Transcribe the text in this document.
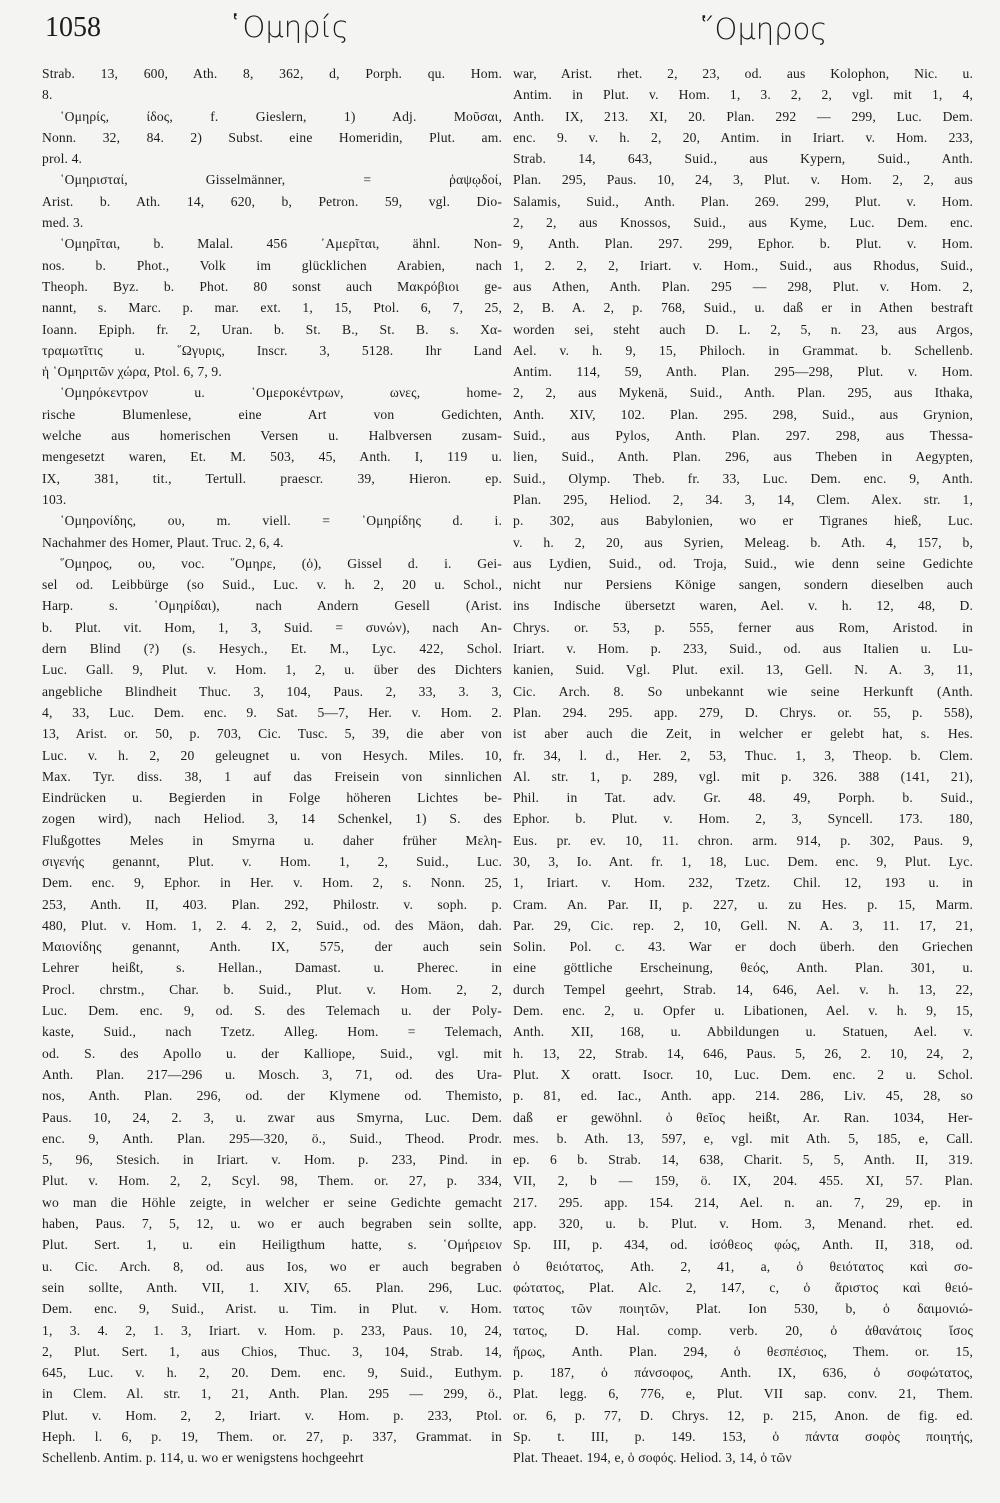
1058	῾Ομηρίς	῞Ομηρος
Strab. 13, 600, Ath. 8, 362, d, Porph. qu. Hom.
8.
῾Ομηρίς, ίδος, f. Gieslern, 1) Adj. Μοῦσαι,
Nonn. 32, 84. 2) Subst. eine Homeridin, Plut. am.
prol. 4.
῾Ομηρισταί, Gisselmänner, = ῥαψῳδοί,
Arist. b. Ath. 14, 620, b, Petron. 59, vgl. Dio-
med. 3.
῾Ομηρῖται, b. Malal. 456 ᾿Αμερῖται, ähnl. Non-
nos. b. Phot., Volk im glücklichen Arabien, nach
Theoph. Byz. b. Phot. 80 sonst auch Μακρόβιοι ge-
nannt, s. Marc. p. mar. ext. 1, 15, Ptol. 6, 7, 25,
Ioann. Epiph. fr. 2, Uran. b. St. B., St. B. s. Χα-
τραμωτῖτις u. ῞Ωγυρις, Inscr. 3, 5128. Ihr Land
ἡ ῾Ομηριτῶν χώρα, Ptol. 6, 7, 9.
῾Ομηρόκεντρον u. ῾Ομεροκέντρων, ωνες, home-
rische Blumenlese, eine Art von Gedichten,
welche aus homerischen Versen u. Halbversen zusam-
mengesetzt waren, Et. M. 503, 45, Anth. I, 119 u.
IX, 381, tit., Tertull. praescr. 39, Hieron. ep.
103.
῾Ομηρονίδης, ου, m. viell. = ῾Ομηρίδης d. i.
Nachahmer des Homer, Plaut. Truc. 2, 6, 4.
῞Ομηρος, ου, voc. ῞Ομηρε, (ὁ), Gissel d. i. Gei-
sel od. Leibbürge (so Suid., Luc. v. h. 2, 20 u. Schol.,
Harp. s. ῾Ομηρίδαι), nach Andern Gesell (Arist.
b. Plut. vit. Hom, 1, 3, Suid. = συνών), nach An-
dern Blind (?) (s. Hesych., Et. M., Lyc. 422, Schol.
Luc. Gall. 9, Plut. v. Hom. 1, 2, u. über des Dichters
angebliche Blindheit Thuc. 3, 104, Paus. 2, 33, 3. 3,
4, 33, Luc. Dem. enc. 9. Sat. 5—7, Her. v. Hom. 2.
13, Arist. or. 50, p. 703, Cic. Tusc. 5, 39, die aber von
Luc. v. h. 2, 20 geleugnet u. von Hesych. Miles. 10,
Max. Tyr. diss. 38, 1 auf das Freisein von sinnlichen
Eindrücken u. Begierden in Folge höheren Lichtes be-
zogen wird), nach Heliod. 3, 14 Schenkel, 1) S. des
Flußgottes Meles in Smyrna u. daher früher Μελη-
σιγενής genannt, Plut. v. Hom. 1, 2, Suid., Luc.
Dem. enc. 9, Ephor. in Her. v. Hom. 2, s. Nonn. 25,
253, Anth. II, 403. Plan. 292, Philostr. v. soph. p.
480, Plut. v. Hom. 1, 2. 4. 2, 2, Suid., od. des Mäon, dah.
Μαιονίδης genannt, Anth. IX, 575, der auch sein
Lehrer heißt, s. Hellan., Damast. u. Pherec. in
Procl. chrstm., Char. b. Suid., Plut. v. Hom. 2, 2,
Luc. Dem. enc. 9, od. S. des Telemach u. der Poly-
kaste, Suid., nach Tzetz. Alleg. Hom. = Telemach,
od. S. des Apollo u. der Kalliope, Suid., vgl. mit
Anth. Plan. 217—296 u. Mosch. 3, 71, od. des Ura-
nos, Anth. Plan. 296, od. der Klymene od. Themisto,
Paus. 10, 24, 2. 3, u. zwar aus Smyrna, Luc. Dem.
enc. 9, Anth. Plan. 295—320, ö., Suid., Theod. Prodr.
5, 96, Stesich. in Iriart. v. Hom. p. 233, Pind. in
Plut. v. Hom. 2, 2, Scyl. 98, Them. or. 27, p. 334,
wo man die Höhle zeigte, in welcher er seine Gedichte gemacht
haben, Paus. 7, 5, 12, u. wo er auch begraben sein sollte,
Plut. Sert. 1, u. ein Heiligthum hatte, s. ῾Ομήρειον
u. Cic. Arch. 8, od. aus Ios, wo er auch begraben
sein sollte, Anth. VII, 1. XIV, 65. Plan. 296, Luc.
Dem. enc. 9, Suid., Arist. u. Tim. in Plut. v. Hom.
1, 3. 4. 2, 1. 3, Iriart. v. Hom. p. 233, Paus. 10, 24,
2, Plut. Sert. 1, aus Chios, Thuc. 3, 104, Strab. 14,
645, Luc. v. h. 2, 20. Dem. enc. 9, Suid., Euthym.
in Clem. Al. str. 1, 21, Anth. Plan. 295 — 299, ö.,
Plut. v. Hom. 2, 2, Iriart. v. Hom. p. 233, Ptol.
Heph. l. 6, p. 19, Them. or. 27, p. 337, Grammat. in
Schellenb. Antim. p. 114, u. wo er wenigstens hochgeehrt
war, Arist. rhet. 2, 23, od. aus Kolophon, Nic. u.
Antim. in Plut. v. Hom. 1, 3. 2, 2, vgl. mit 1, 4,
Anth. IX, 213. XI, 20. Plan. 292 — 299, Luc. Dem.
enc. 9. v. h. 2, 20, Antim. in Iriart. v. Hom. 233,
Strab. 14, 643, Suid., aus Kypern, Suid., Anth.
Plan. 295, Paus. 10, 24, 3, Plut. v. Hom. 2, 2, aus
Salamis, Suid., Anth. Plan. 269. 299, Plut. v. Hom.
2, 2, aus Knossos, Suid., aus Kyme, Luc. Dem. enc.
9, Anth. Plan. 297. 299, Ephor. b. Plut. v. Hom.
1, 2. 2, 2, Iriart. v. Hom., Suid., aus Rhodus, Suid.,
aus Athen, Anth. Plan. 295 — 298, Plut. v. Hom. 2,
2, B. A. 2, p. 768, Suid., u. daß er in Athen bestraft
worden sei, steht auch D. L. 2, 5, n. 23, aus Argos,
Ael. v. h. 9, 15, Philoch. in Grammat. b. Schellenb.
Antim. 114, 59, Anth. Plan. 295—298, Plut. v. Hom.
2, 2, aus Mykenä, Suid., Anth. Plan. 295, aus Ithaka,
Anth. XIV, 102. Plan. 295. 298, Suid., aus Grynion,
Suid., aus Pylos, Anth. Plan. 297. 298, aus Thessa-
lien, Suid., Anth. Plan. 296, aus Theben in Aegypten,
Suid., Olymp. Theb. fr. 33, Luc. Dem. enc. 9, Anth.
Plan. 295, Heliod. 2, 34. 3, 14, Clem. Alex. str. 1,
p. 302, aus Babylonien, wo er Tigranes hieß, Luc.
v. h. 2, 20, aus Syrien, Meleag. b. Ath. 4, 157, b,
aus Lydien, Suid., od. Troja, Suid., wie denn seine Gedichte
nicht nur Persiens Könige sangen, sondern dieselben auch
ins Indische übersetzt waren, Ael. v. h. 12, 48, D.
Chrys. or. 53, p. 555, ferner aus Rom, Aristod. in
Iriart. v. Hom. p. 233, Suid., od. aus Italien u. Lu-
kanien, Suid. Vgl. Plut. exil. 13, Gell. N. A. 3, 11,
Cic. Arch. 8. So unbekannt wie seine Herkunft (Anth.
Plan. 294. 295. app. 279, D. Chrys. or. 55, p. 558),
ist aber auch die Zeit, in welcher er gelebt hat, s. Hes.
fr. 34, l. d., Her. 2, 53, Thuc. 1, 3, Theop. b. Clem.
Al. str. 1, p. 289, vgl. mit p. 326. 388 (141, 21),
Phil. in Tat. adv. Gr. 48. 49, Porph. b. Suid.,
Ephor. b. Plut. v. Hom. 2, 3, Syncell. 173. 180,
Eus. pr. ev. 10, 11. chron. arm. 914, p. 302, Paus. 9,
30, 3, Io. Ant. fr. 1, 18, Luc. Dem. enc. 9, Plut. Lyc.
1, Iriart. v. Hom. 232, Tzetz. Chil. 12, 193 u. in
Cram. An. Par. II, p. 227, u. zu Hes. p. 15, Marm.
Par. 29, Cic. rep. 2, 10, Gell. N. A. 3, 11. 17, 21,
Solin. Pol. c. 43. War er doch überh. den Griechen
eine göttliche Erscheinung, θεός, Anth. Plan. 301, u.
durch Tempel geehrt, Strab. 14, 646, Ael. v. h. 13, 22,
Dem. enc. 2, u. Opfer u. Libationen, Ael. v. h. 9, 15,
Anth. XII, 168, u. Abbildungen u. Statuen, Ael. v.
h. 13, 22, Strab. 14, 646, Paus. 5, 26, 2. 10, 24, 2,
Plut. X oratt. Isocr. 10, Luc. Dem. enc. 2 u. Schol.
p. 81, ed. Iac., Anth. app. 214. 286, Liv. 45, 28, so
daß er gewöhnl. ὁ θεῖος heißt, Ar. Ran. 1034, Her-
mes. b. Ath. 13, 597, e, vgl. mit Ath. 5, 185, e, Call.
ep. 6 b. Strab. 14, 638, Charit. 5, 5, Anth. II, 319.
VII, 2, b — 159, ö. IX, 204. 455. XI, 57. Plan.
217. 295. app. 154. 214, Ael. n. an. 7, 29, ep. in
app. 320, u. b. Plut. v. Hom. 3, Menand. rhet. ed.
Sp. III, p. 434, od. ἰσόθεος φώς, Anth. II, 318, od.
ὁ θειότατος, Ath. 2, 41, a, ὁ θειότατος καὶ σο-
φώτατος, Plat. Alc. 2, 147, c, ὁ ἄριστος καὶ θειό-
τατος τῶν ποιητῶν, Plat. Ion 530, b, ὁ δαιμονιώ-
τατος, D. Hal. comp. verb. 20, ὁ ἀθανάτοις ἴσος
ἥρως, Anth. Plan. 294, ὁ θεσπέσιος, Them. or. 15,
p. 187, ὁ πάνσοφος, Anth. IX, 636, ὁ σοφώτατος,
Plat. legg. 6, 776, e, Plut. VII sap. conv. 21, Them.
or. 6, p. 77, D. Chrys. 12, p. 215, Anon. de fig. ed.
Sp. t. III, p. 149. 153, ὁ πάντα σοφὸς ποιητής,
Plat. Theaet. 194, e, ὁ σοφός. Heliod. 3, 14, ὁ τῶν
